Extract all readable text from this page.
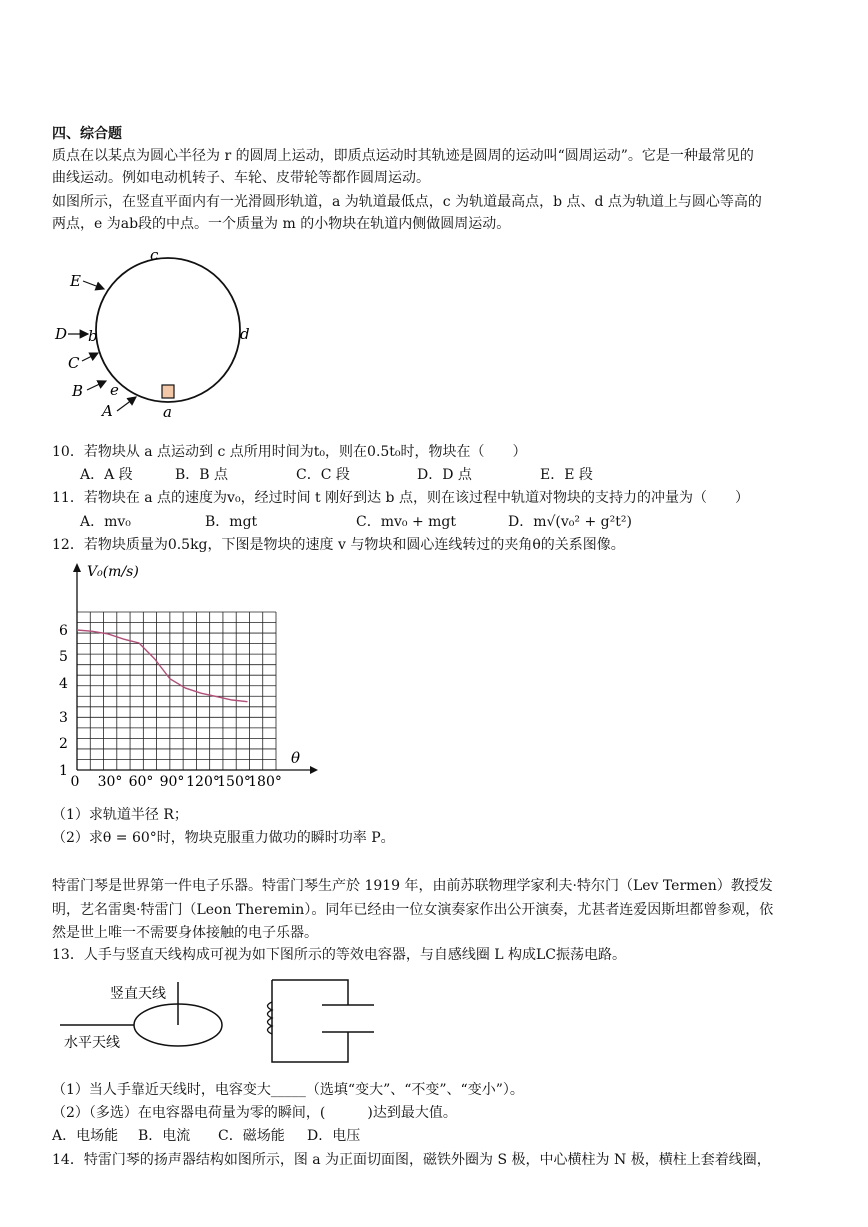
四、综合题
质点在以某点为圆心半径为 r 的圆周上运动，即质点运动时其轨迹是圆周的运动叫“圆周运动”。它是一种最常见的
曲线运动。例如电动机转子、车轮、皮带轮等都作圆周运动。
如图所示，在竖直平面内有一光滑圆形轨道，a 为轨道最低点，c 为轨道最高点，b 点、d 点为轨道上与圆心等高的
两点，e 为ab段的中点。一个质量为 m 的小物块在轨道内侧做圆周运动。
c
d
b
e
a
E
D
C
B
A
10．若物块从 a 点运动到 c 点所用时间为t₀，则在0.5t₀时，物块在（　　）
A．A 段	B．B 点	C．C 段	D．D 点	E．E 段
11．若物块在 a 点的速度为v₀，经过时间 t 刚好到达 b 点，则在该过程中轨道对物块的支持力的冲量为（　　）
A．mv₀	B．mgt	C．mv₀ + mgt	D．m√(v₀² + g²t²)
12．若物块质量为0.5kg，下图是物块的速度 v 与物块和圆心连线转过的夹角θ的关系图像。
1
2
3
4
5
6
0 30° 60° 90° 120°
150°
180°
V₀(m/s)
θ
（1）求轨道半径 R；
（2）求θ = 60°时，物块克服重力做功的瞬时功率 P。
特雷门琴是世界第一件电子乐器。特雷门琴生产於 1919 年，由前苏联物理学家利夫·特尔门（Lev Termen）教授发
明，艺名雷奥·特雷门（Leon Theremin）。同年已经由一位女演奏家作出公开演奏，尤甚者连爱因斯坦都曾参观，依
然是世上唯一不需要身体接触的电子乐器。
13．人手与竖直天线构成可视为如下图所示的等效电容器，与自感线圈 L 构成LC振荡电路。
竖直天线
水平天线
（1）当人手靠近天线时，电容变大_____（选填“变大”、“不变”、“变小”）。
（2）（多选）在电容器电荷量为零的瞬间，(　　　)达到最大值。
A．电场能 B．电流 C．磁场能 D．电压
14．特雷门琴的扬声器结构如图所示，图 a 为正面切面图，磁铁外圈为 S 极，中心横柱为 N 极，横柱上套着线圈，
